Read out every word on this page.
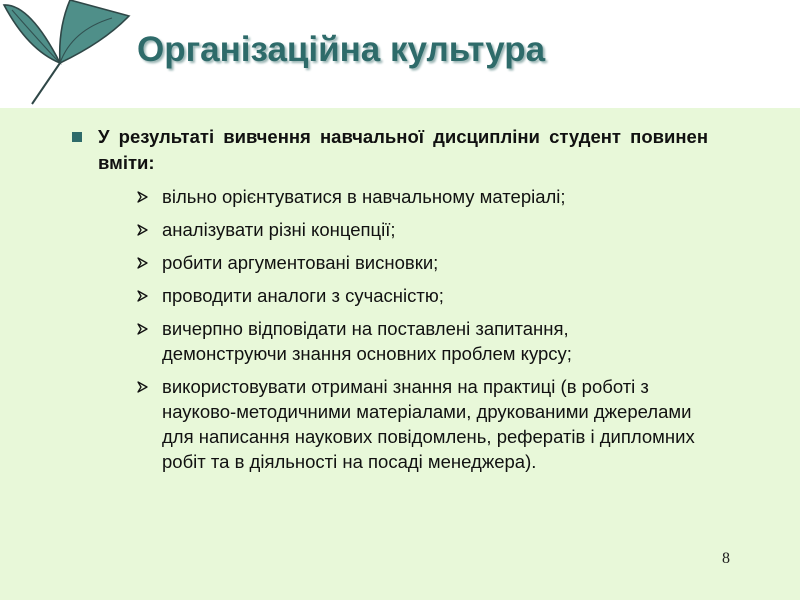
Організаційна культура

У результаті вивчення навчальної дисципліни студент повинен вміти:

вільно орієнтуватися в навчальному матеріалі;
аналізувати різні концепції;
робити аргументовані висновки;
проводити аналоги з сучасністю;
вичерпно відповідати на поставлені запитання, демонструючи знання основних проблем курсу;
використовувати отримані знання на практиці (в роботі з науково-методичними матеріалами, друкованими джерелами для написання наукових повідомлень, рефератів і дипломних робіт та в діяльності на посаді менеджера).
8
